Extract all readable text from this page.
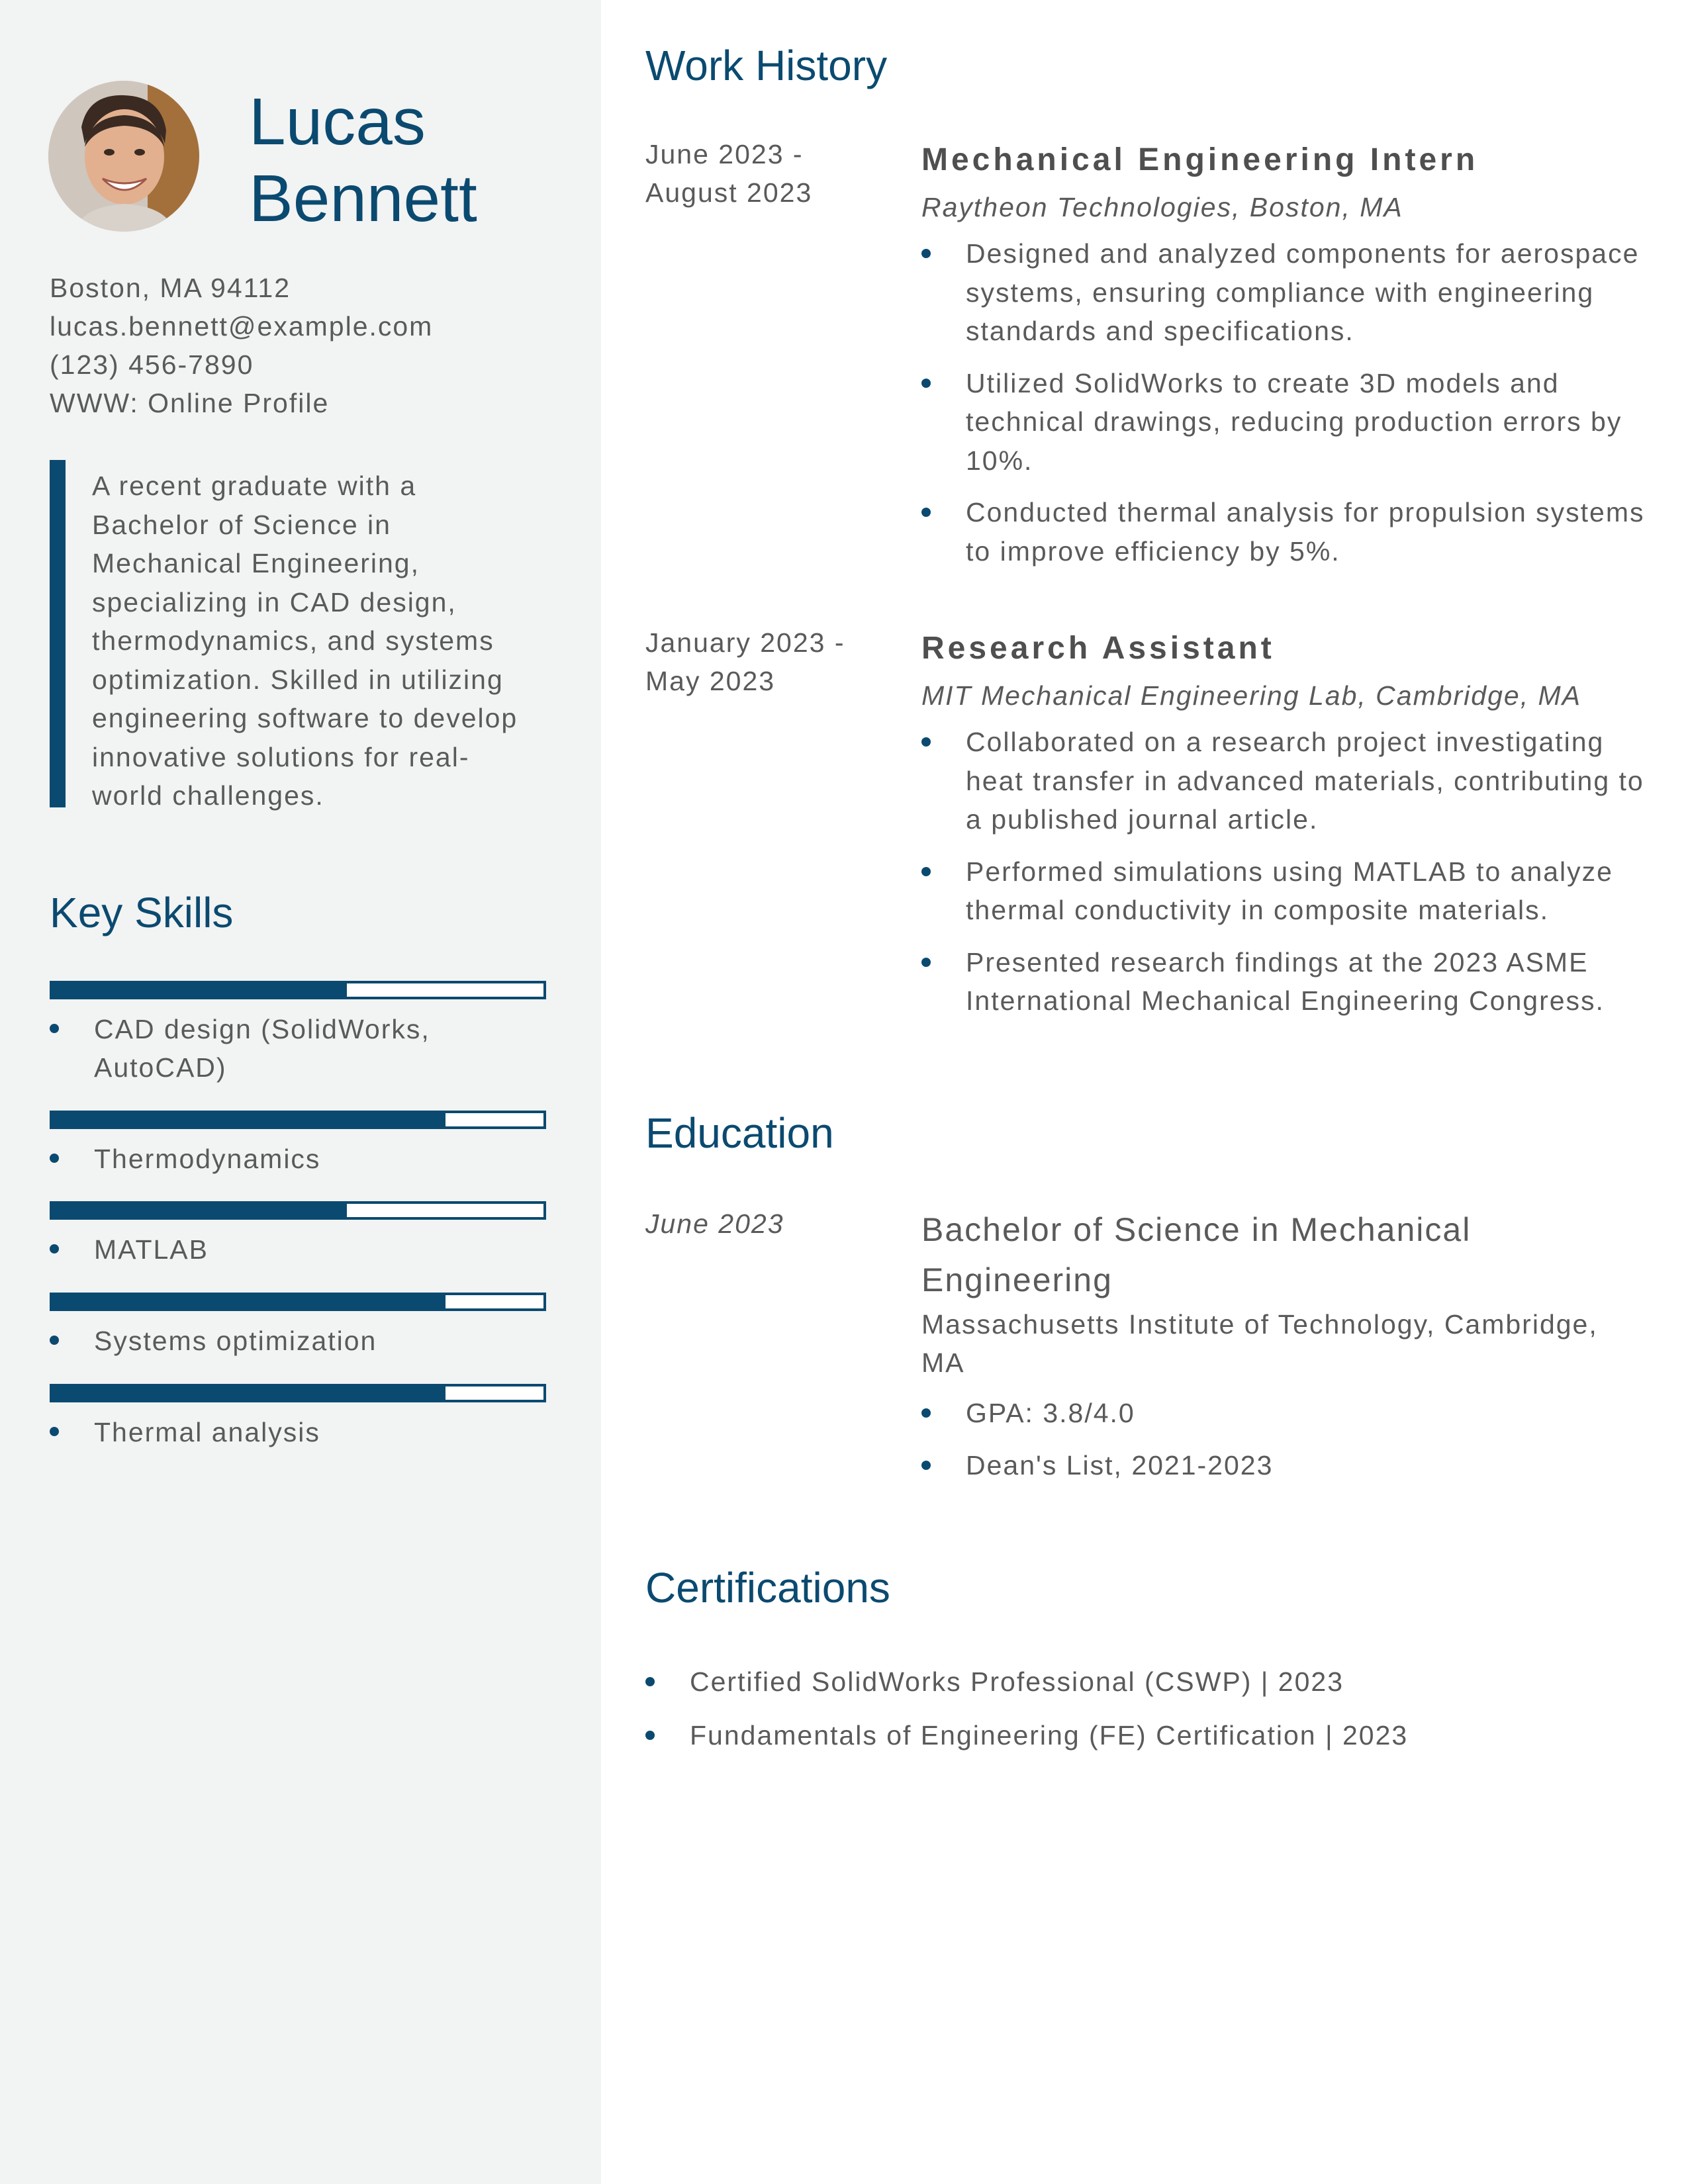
Lucas
Bennett
Boston, MA 94112
lucas.bennett@example.com
(123) 456-7890
WWW: Online Profile

A recent graduate with a Bachelor of Science in Mechanical Engineering, specializing in CAD design, thermodynamics, and systems optimization. Skilled in utilizing engineering software to develop innovative solutions for real-world challenges.

Key Skills
CAD design (SolidWorks, AutoCAD)
Thermodynamics
MATLAB
Systems optimization
Thermal analysis
Work History
June 2023 - August 2023
Mechanical Engineering Intern
Raytheon Technologies, Boston, MA
Designed and analyzed components for aerospace systems, ensuring compliance with engineering standards and specifications.
Utilized SolidWorks to create 3D models and technical drawings, reducing production errors by 10%.
Conducted thermal analysis for propulsion systems to improve efficiency by 5%.
January 2023 - May 2023
Research Assistant
MIT Mechanical Engineering Lab, Cambridge, MA
Collaborated on a research project investigating heat transfer in advanced materials, contributing to a published journal article.
Performed simulations using MATLAB to analyze thermal conductivity in composite materials.
Presented research findings at the 2023 ASME International Mechanical Engineering Congress.
Education
June 2023	Bachelor of Science in Mechanical Engineering
Massachusetts Institute of Technology, Cambridge, MA
GPA: 3.8/4.0
Dean's List, 2021-2023
Certifications
Certified SolidWorks Professional (CSWP) | 2023
Fundamentals of Engineering (FE) Certification | 2023
